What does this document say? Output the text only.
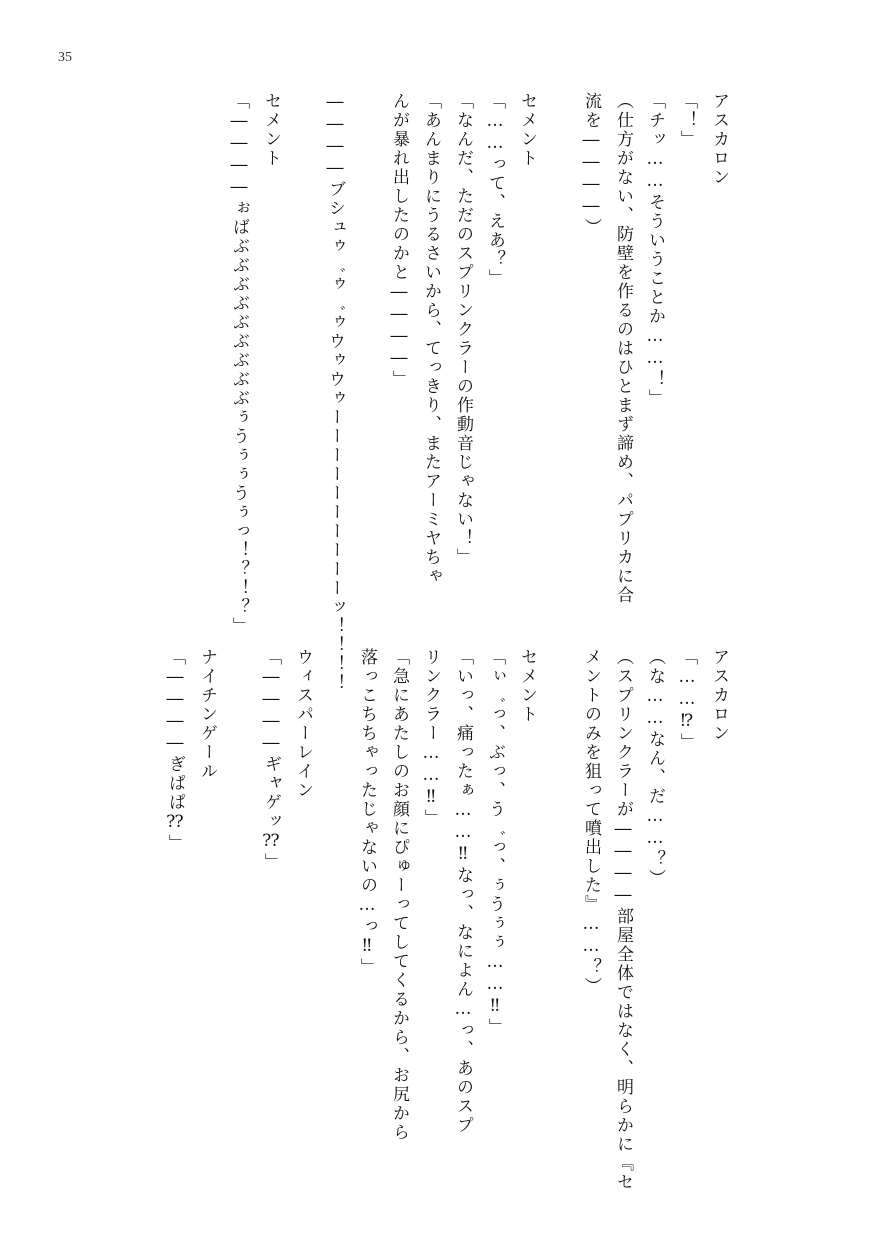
35
アスカロン
「！」
「チッ……そういうことか……！」
（仕方がない、防壁を作るのはひとまず諦め、パプリカに合
流を――――）
セメント
「……って、えあ？」
「なんだ、ただのスプリンクラーの作動音じゃない！」
「あんまりにうるさいから、てっきり、またアーミヤちゃ
んが暴れ出したのかと――――」
――――ブシュゥ゛ゥ゛ゥウゥウゥーーーーーーーーーーッ！！！！
セメント
「――――ぉばぶぶぶぶぶぶぶぶぶぅうぅぅうぅっ！？！？」
アスカロン
「……⁉」
（な……なん、だ……？）
（スプリンクラーが――――部屋全体ではなく、明らかに『セ
メントのみを狙って噴出した』……？）
セメント
「ぃ゛っ、ぶっ、う゛っ、ぅうぅぅ……‼」
「いっ、痛ったぁ……‼なっ、なによん…っ、あのスプ
リンクラー……‼」
「急にあたしのお顔にぴゅーってしてくるから、お尻から
落っこちちゃったじゃないの…っ‼」
ウィスパーレイン
「――――ギャゲッ⁇」
ナイチンゲール
「――――ぎぱぱ⁇」
